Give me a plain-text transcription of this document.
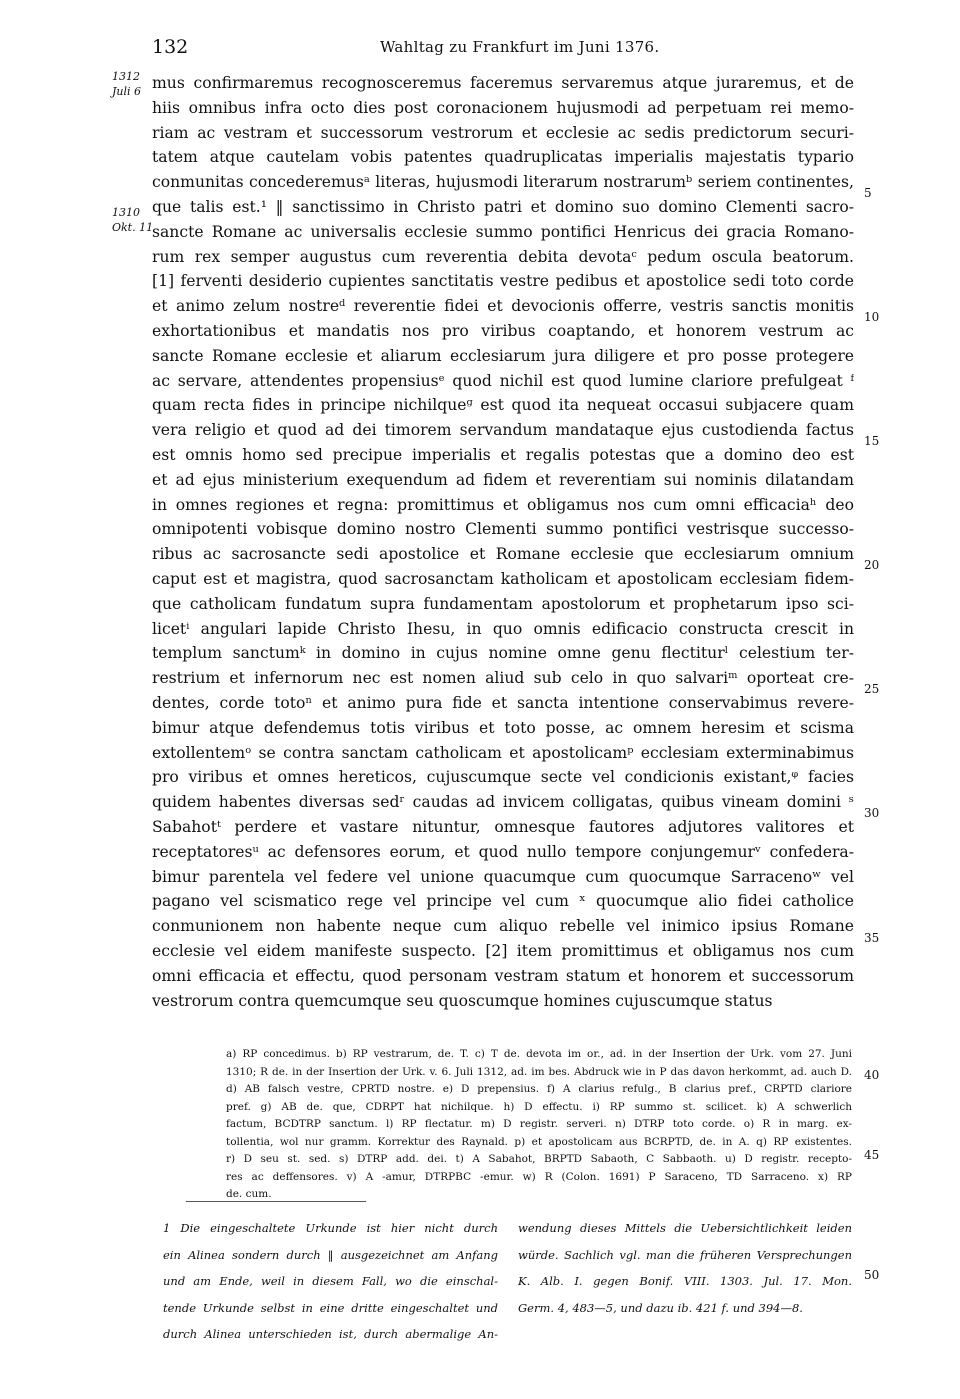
132	Wahltag zu Frankfurt im Juni 1376.
1312
Juli 6
1310
Okt. 11
5
10
15
20
25
30
35
40
45
50
mus confirmaremus recognosceremus faceremus servaremus atque juraremus, et de
hiis omnibus infra octo dies post coronacionem hujusmodi ad perpetuam rei memo-
riam ac vestram et successorum vestrorum et ecclesie ac sedis predictorum securi-
tatem atque cautelam vobis patentes quadruplicatas imperialis majestatis typario
conmunitas concederemusᵃ literas, hujusmodi literarum nostrarumᵇ seriem continentes,
que talis est.¹ ‖ sanctissimo in Christo patri et domino suo domino Clementi sacro-
sancte Romane ac universalis ecclesie summo pontifici Henricus dei gracia Romano-
rum rex semper augustus cum reverentia debita devotaᶜ pedum oscula beatorum.
[1] ferventi desiderio cupientes sanctitatis vestre pedibus et apostolice sedi toto corde
et animo zelum nostreᵈ reverentie fidei et devocionis offerre, vestris sanctis monitis
exhortationibus et mandatis nos pro viribus coaptando, et honorem vestrum ac
sancte Romane ecclesie et aliarum ecclesiarum jura diligere et pro posse protegere
ac servare, attendentes propensiusᵉ quod nichil est quod lumine clariore prefulgeat ᶠ
quam recta fides in principe nichilqueᵍ est quod ita nequeat occasui subjacere quam
vera religio et quod ad dei timorem servandum mandataque ejus custodienda factus
est omnis homo sed precipue imperialis et regalis potestas que a domino deo est
et ad ejus ministerium exequendum ad fidem et reverentiam sui nominis dilatandam
in omnes regiones et regna: promittimus et obligamus nos cum omni efficaciaʰ deo
omnipotenti vobisque domino nostro Clementi summo pontifici vestrisque successo-
ribus ac sacrosancte sedi apostolice et Romane ecclesie que ecclesiarum omnium
caput est et magistra, quod sacrosanctam katholicam et apostolicam ecclesiam fidem-
que catholicam fundatum supra fundamentam apostolorum et prophetarum ipso sci-
licetⁱ angulari lapide Christo Ihesu, in quo omnis edificacio constructa crescit in
templum sanctumᵏ in domino in cujus nomine omne genu flectiturˡ celestium ter-
restrium et infernorum nec est nomen aliud sub celo in quo salvariᵐ oporteat cre-
dentes, corde totoⁿ et animo pura fide et sancta intentione conservabimus revere-
bimur atque defendemus totis viribus et toto posse, ac omnem heresim et scisma
extollentemᵒ se contra sanctam catholicam et apostolicamᵖ ecclesiam exterminabimus
pro viribus et omnes hereticos, cujuscumque secte vel condicionis existant,ᵠ facies
quidem habentes diversas sedʳ caudas ad invicem colligatas, quibus vineam domini ˢ
Sabahotᵗ perdere et vastare nituntur, omnesque fautores adjutores valitores et
receptatoresᵘ ac defensores eorum, et quod nullo tempore conjungemurᵛ confedera-
bimur parentela vel federe vel unione quacumque cum quocumque Sarracenoʷ vel
pagano vel scismatico rege vel principe vel cum ˣ quocumque alio fidei catholice
conmunionem non habente neque cum aliquo rebelle vel inimico ipsius Romane
ecclesie vel eidem manifeste suspecto. [2] item promittimus et obligamus nos cum
omni efficacia et effectu, quod personam vestram statum et honorem et successorum
vestrorum contra quemcumque seu quoscumque homines cujuscumque status
a) RP concedimus. b) RP vestrarum, de. T. c) T de. devota im or., ad. in der Insertion der Urk. vom 27. Juni
1310; R de. in der Insertion der Urk. v. 6. Juli 1312, ad. im bes. Abdruck wie in P das davon herkommt, ad. auch D.
d) AB falsch vestre, CPRTD nostre. e) D prepensius. f) A clarius refulg., B clarius pref., CRPTD clariore
pref. g) AB de. que, CDRPT hat nichilque. h) D effectu. i) RP summo st. scilicet. k) A schwerlich
factum, BCDTRP sanctum. l) RP flectatur. m) D registr. serveri. n) DTRP toto corde. o) R in marg. ex-
tollentia, wol nur gramm. Korrektur des Raynald. p) et apostolicam aus BCRPTD, de. in A. q) RP existentes.
r) D seu st. sed. s) DTRP add. dei. t) A Sabahot, BRPTD Sabaoth, C Sabbaoth. u) D registr. recepto-
res ac deffensores. v) A -amur, DTRPBC -emur. w) R (Colon. 1691) P Saraceno, TD Sarraceno. x) RP
de. cum.
1 Die eingeschaltete Urkunde ist hier nicht durch
ein Alinea sondern durch ‖ ausgezeichnet am Anfang
und am Ende, weil in diesem Fall, wo die einschal-
tende Urkunde selbst in eine dritte eingeschaltet und
durch Alinea unterschieden ist, durch abermalige An-
wendung dieses Mittels die Uebersichtlichkeit leiden
würde. Sachlich vgl. man die früheren Versprechungen
K. Alb. I. gegen Bonif. VIII. 1303. Jul. 17. Mon.
Germ. 4, 483—5, und dazu ib. 421 f. und 394—8.
